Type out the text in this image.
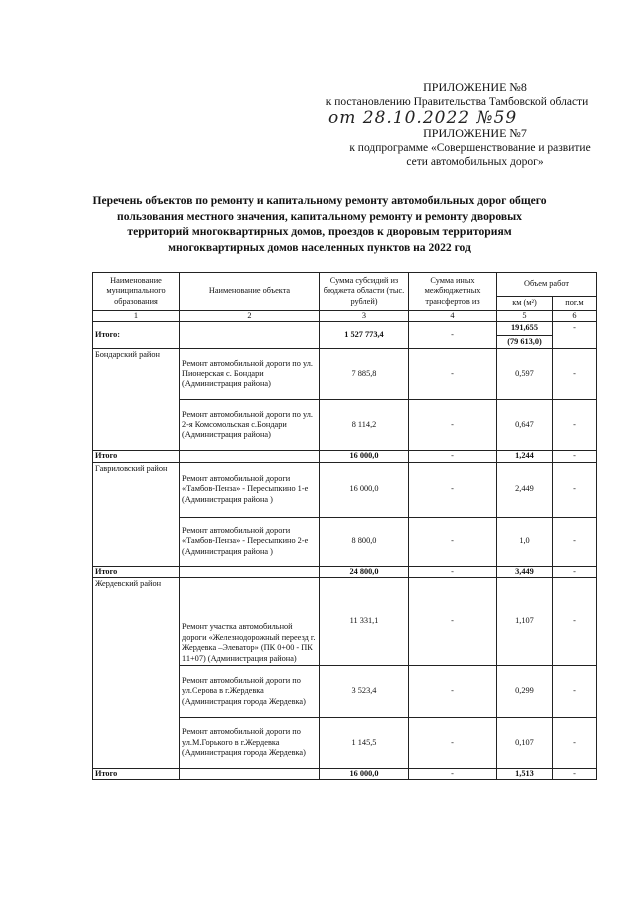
ПРИЛОЖЕНИЕ №8
к постановлению Правительства Тамбовской области
от 28.10.2022 №59
ПРИЛОЖЕНИЕ №7
к подпрограмме «Совершенствование и развитие
сети автомобильных дорог»
Перечень объектов по ремонту и капитальному ремонту автомобильных дорог общего пользования местного значения, капитальному ремонту и ремонту дворовых территорий многоквартирных домов, проездов к дворовым территориям многоквартирных домов населенных пунктов на 2022 год
Наименование муниципального образования	Наименование объекта	Сумма субсидий из бюджета области (тыс. рублей)	Сумма иных межбюджетных трансфертов из	Объем работ	
				км (м²)	пог.м
1	2	3	4	5	6
Итого:		1 527 773,4	-	191,655	-
				(79 613,0)	
Бондарский район	Ремонт автомобильной дороги по ул. Пионерская с. Бондари (Администрация района)	7 885,8	-	0,597	-
	Ремонт автомобильной дороги по ул. 2-я Комсомольская с.Бондари (Администрация района)	8 114,2	-	0,647	-
Итого		16 000,0	-	1,244	-
Гавриловский район	Ремонт автомобильной дороги «Тамбов-Пенза» - Пересыпкино 1-е (Администрация района )	16 000,0	-	2,449	-
	Ремонт автомобильной дороги «Тамбов-Пенза» - Пересыпкино 2-е (Администрация района )	8 800,0	-	1,0	-
Итого		24 800,0	-	3,449	-
Жердевский район	Ремонт участка автомобильной дороги «Железнодорожный переезд г. Жердевка –Элеватор» (ПК 0+00 - ПК 11+07) (Администрация района)	11 331,1	-	1,107	-
	Ремонт автомобильной дороги по ул.Серова в г.Жердевка (Администрация города Жердевка)	3 523,4	-	0,299	-
	Ремонт автомобильной дороги по ул.М.Горького в г.Жердевка (Администрация города Жердевка)	1 145,5	-	0,107	-
Итого		16 000,0	-	1,513	-
